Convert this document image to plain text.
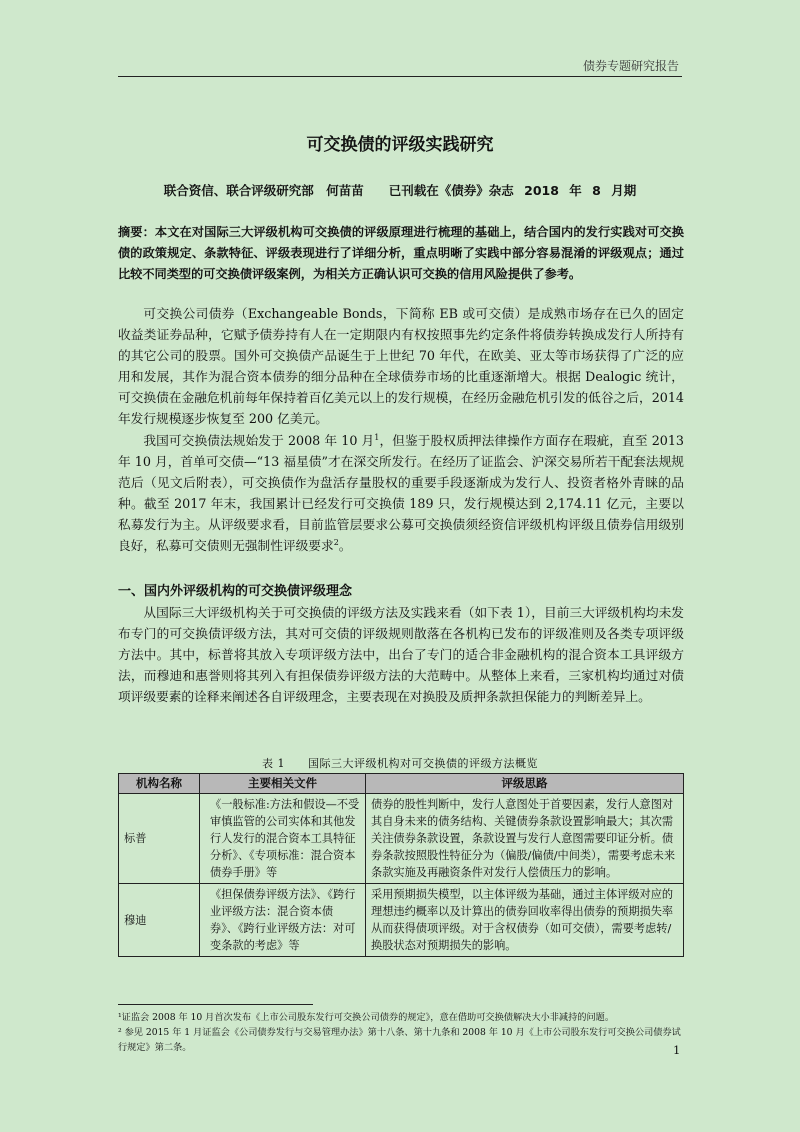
债券专题研究报告
可交换债的评级实践研究
联合资信、联合评级研究部　何苗苗　　已刊载在《债券》杂志 2018 年 8 月期
摘要：本文在对国际三大评级机构可交换债的评级原理进行梳理的基础上，结合国内的发行实践对可交换债的政策规定、条款特征、评级表现进行了详细分析，重点明晰了实践中部分容易混淆的评级观点；通过比较不同类型的可交换债评级案例，为相关方正确认识可交换的信用风险提供了参考。

可交换公司债券（Exchangeable Bonds，下简称 EB 或可交债）是成熟市场存在已久的固定收益类证券品种，它赋予债券持有人在一定期限内有权按照事先约定条件将债券转换成发行人所持有的其它公司的股票。国外可交换债产品诞生于上世纪 70 年代，在欧美、亚太等市场获得了广泛的应用和发展，其作为混合资本债券的细分品种在全球债券市场的比重逐渐增大。根据 Dealogic 统计，可交换债在金融危机前每年保持着百亿美元以上的发行规模，在经历金融危机引发的低谷之后，2014 年发行规模逐步恢复至 200 亿美元。

我国可交换债法规始发于 2008 年 10 月$^1$，但鉴于股权质押法律操作方面存在瑕疵，直至 2013 年 10 月，首单可交债—“13 福星债”才在深交所发行。在经历了证监会、沪深交易所若干配套法规规范后（见文后附表），可交换债作为盘活存量股权的重要手段逐渐成为发行人、投资者格外青睐的品种。截至 2017 年末，我国累计已经发行可交换债 189 只，发行规模达到 2,174.11 亿元，主要以私募发行为主。从评级要求看，目前监管层要求公募可交换债须经资信评级机构评级且债券信用级别良好，私募可交债则无强制性评级要求$^2$。

一、国内外评级机构的可交换债评级理念

从国际三大评级机构关于可交换债的评级方法及实践来看（如下表 1），目前三大评级机构均未发布专门的可交换债评级方法，其对可交债的评级规则散落在各机构已发布的评级准则及各类专项评级方法中。其中，标普将其放入专项评级方法中，出台了专门的适合非金融机构的混合资本工具评级方法，而穆迪和惠誉则将其列入有担保债券评级方法的大范畴中。从整体上来看，三家机构均通过对债项评级要素的诠释来阐述各自评级理念，主要表现在对换股及质押条款担保能力的判断差异上。

表 1　　国际三大评级机构对可交换债的评级方法概览
机构名称	主要相关文件	评级思路
标普	《一般标准:方法和假设—不受审慎监管的公司实体和其他发行人发行的混合资本工具特征分析》、《专项标准：混合资本债券手册》等	债券的股性判断中，发行人意图处于首要因素，发行人意图对其自身未来的债务结构、关键债券条款设置影响最大；其次需关注债券条款设置，条款设置与发行人意图需要印证分析。债券条款按照股性特征分为（偏股/偏债/中间类），需要考虑未来条款实施及再融资条件对发行人偿债压力的影响。
穆迪	《担保债券评级方法》、《跨行业评级方法：混合资本债券》、《跨行业评级方法：对可变条款的考虑》等	采用预期损失模型，以主体评级为基础，通过主体评级对应的理想违约概率以及计算出的债券回收率得出债券的预期损失率从而获得债项评级。对于含权债券（如可交债），需要考虑转/换股状态对预期损失的影响。
¹证监会 2008 年 10 月首次发布《上市公司股东发行可交换公司债券的规定》，意在借助可交换债解决大小非减持的问题。
² 参见 2015 年 1 月证监会《公司债券发行与交易管理办法》第十八条、第十九条和 2008 年 10 月《上市公司股东发行可交换公司债券试行规定》第二条。	1
